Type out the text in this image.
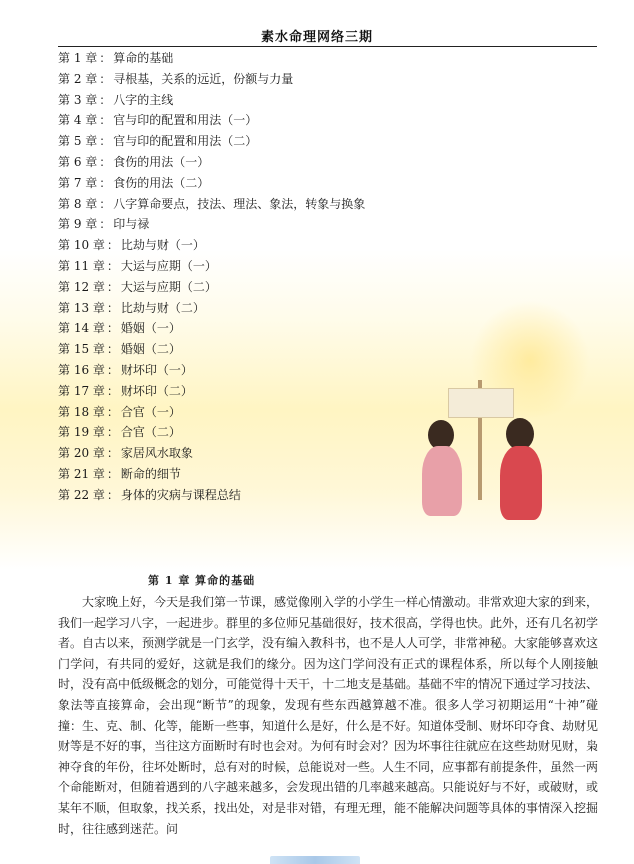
素水命理网络三期
第 1 章 ： 算命的基础
第 2 章 ： 寻根基，关系的远近，份额与力量
第 3 章 ： 八字的主线
第 4 章 ： 官与印的配置和用法（一）
第 5 章 ： 官与印的配置和用法（二）
第 6 章 ： 食伤的用法（一）
第 7 章 ： 食伤的用法（二）
第 8 章 ： 八字算命要点，技法、理法、象法，转象与换象
第 9 章 ： 印与禄
第 10 章 ： 比劫与财（一）
第 11 章 ： 大运与应期（一）
第 12 章 ： 大运与应期（二）
第 13 章 ： 比劫与财（二）
第 14 章 ： 婚姻（一）
第 15 章 ： 婚姻（二）
第 16 章 ： 财坏印（一）
第 17 章 ： 财坏印（二）
第 18 章 ： 合官（一）
第 19 章 ： 合官（二）
第 20 章 ： 家居风水取象
第 21 章 ： 断命的细节
第 22 章 ： 身体的灾病与课程总结
第 1 章 算命的基础

大家晚上好，今天是我们第一节课，感觉像刚入学的小学生一样心情激动。非常欢迎大家的到来，我们一起学习八字，一起进步。群里的多位师兄基础很好，技术很高，学得也快。此外，还有几名初学者。自古以来，预测学就是一门玄学，没有编入教科书，也不是人人可学，非常神秘。大家能够喜欢这门学问，有共同的爱好，这就是我们的缘分。因为这门学问没有正式的课程体系，所以每个人刚接触时，没有高中低级概念的划分，可能觉得十天干，十二地支是基础。基础不牢的情况下通过学习技法、象法等直接算命，会出现“断节”的现象，发现有些东西越算越不准。很多人学习初期运用“十神”碰撞：生、克、制、化等，能断一些事，知道什么是好，什么是不好。知道体受制、财坏印夺食、劫财见财等是不好的事，当往这方面断时有时也会对。为何有时会对？因为坏事往往就应在这些劫财见财，枭神夺食的年份，往坏处断时，总有对的时候，总能说对一些。人生不同，应事都有前提条件，虽然一两个命能断对，但随着遇到的八字越来越多，会发现出错的几率越来越高。只能说好与不好，或破财，或某年不顺，但取象，找关系，找出处，对是非对错，有理无理，能不能解决问题等具体的事情深入挖掘时，往往感到迷茫。问
